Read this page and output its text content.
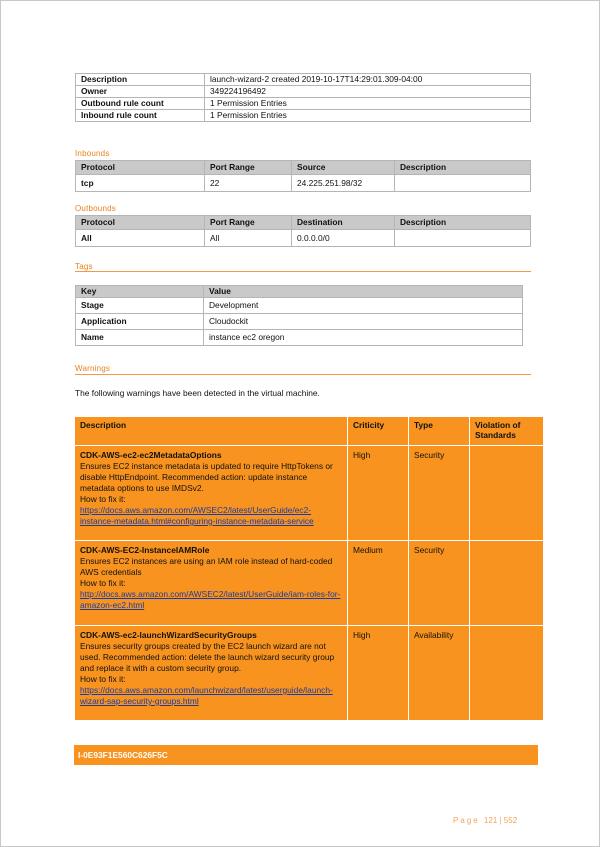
Description	launch-wizard-2 created 2019-10-17T14:29:01.309-04:00
Owner	349224196492
Outbound rule count	1 Permission Entries
Inbound rule count	1 Permission Entries
Inbounds
Protocol	Port Range	Source	Description
tcp	22	24.225.251.98/32	
Outbounds
Protocol	Port Range	Destination	Description
All	All	0.0.0.0/0	
Tags
Key	Value
Stage	Development
Application	Cloudockit
Name	instance ec2 oregon
Warnings
The following warnings have been detected in the virtual machine.
Description	Criticity	Type	Violation of Standards

CDK-AWS-ec2-ec2MetadataOptions
Ensures EC2 instance metadata is updated to require HttpTokens or disable HttpEndpoint. Recommended action: update instance metadata options to use IMDSv2.
How to fix it:
https://docs.aws.amazon.com/AWSEC2/latest/UserGuide/ec2-instance-metadata.html#configuring-instance-metadata-service	High	Security	

CDK-AWS-EC2-InstanceIAMRole
Ensures EC2 instances are using an IAM role instead of hard-coded AWS credentials
How to fix it:
http://docs.aws.amazon.com/AWSEC2/latest/UserGuide/iam-roles-for-amazon-ec2.html	Medium	Security	

CDK-AWS-ec2-launchWizardSecurityGroups
Ensures security groups created by the EC2 launch wizard are not used. Recommended action: delete the launch wizard security group and replace it with a custom security group.
How to fix it:
https://docs.aws.amazon.com/launchwizard/latest/userguide/launch-wizard-sap-security-groups.html	High	Availability	
I-0E93F1E560C626F5C
Page 121 | 552
